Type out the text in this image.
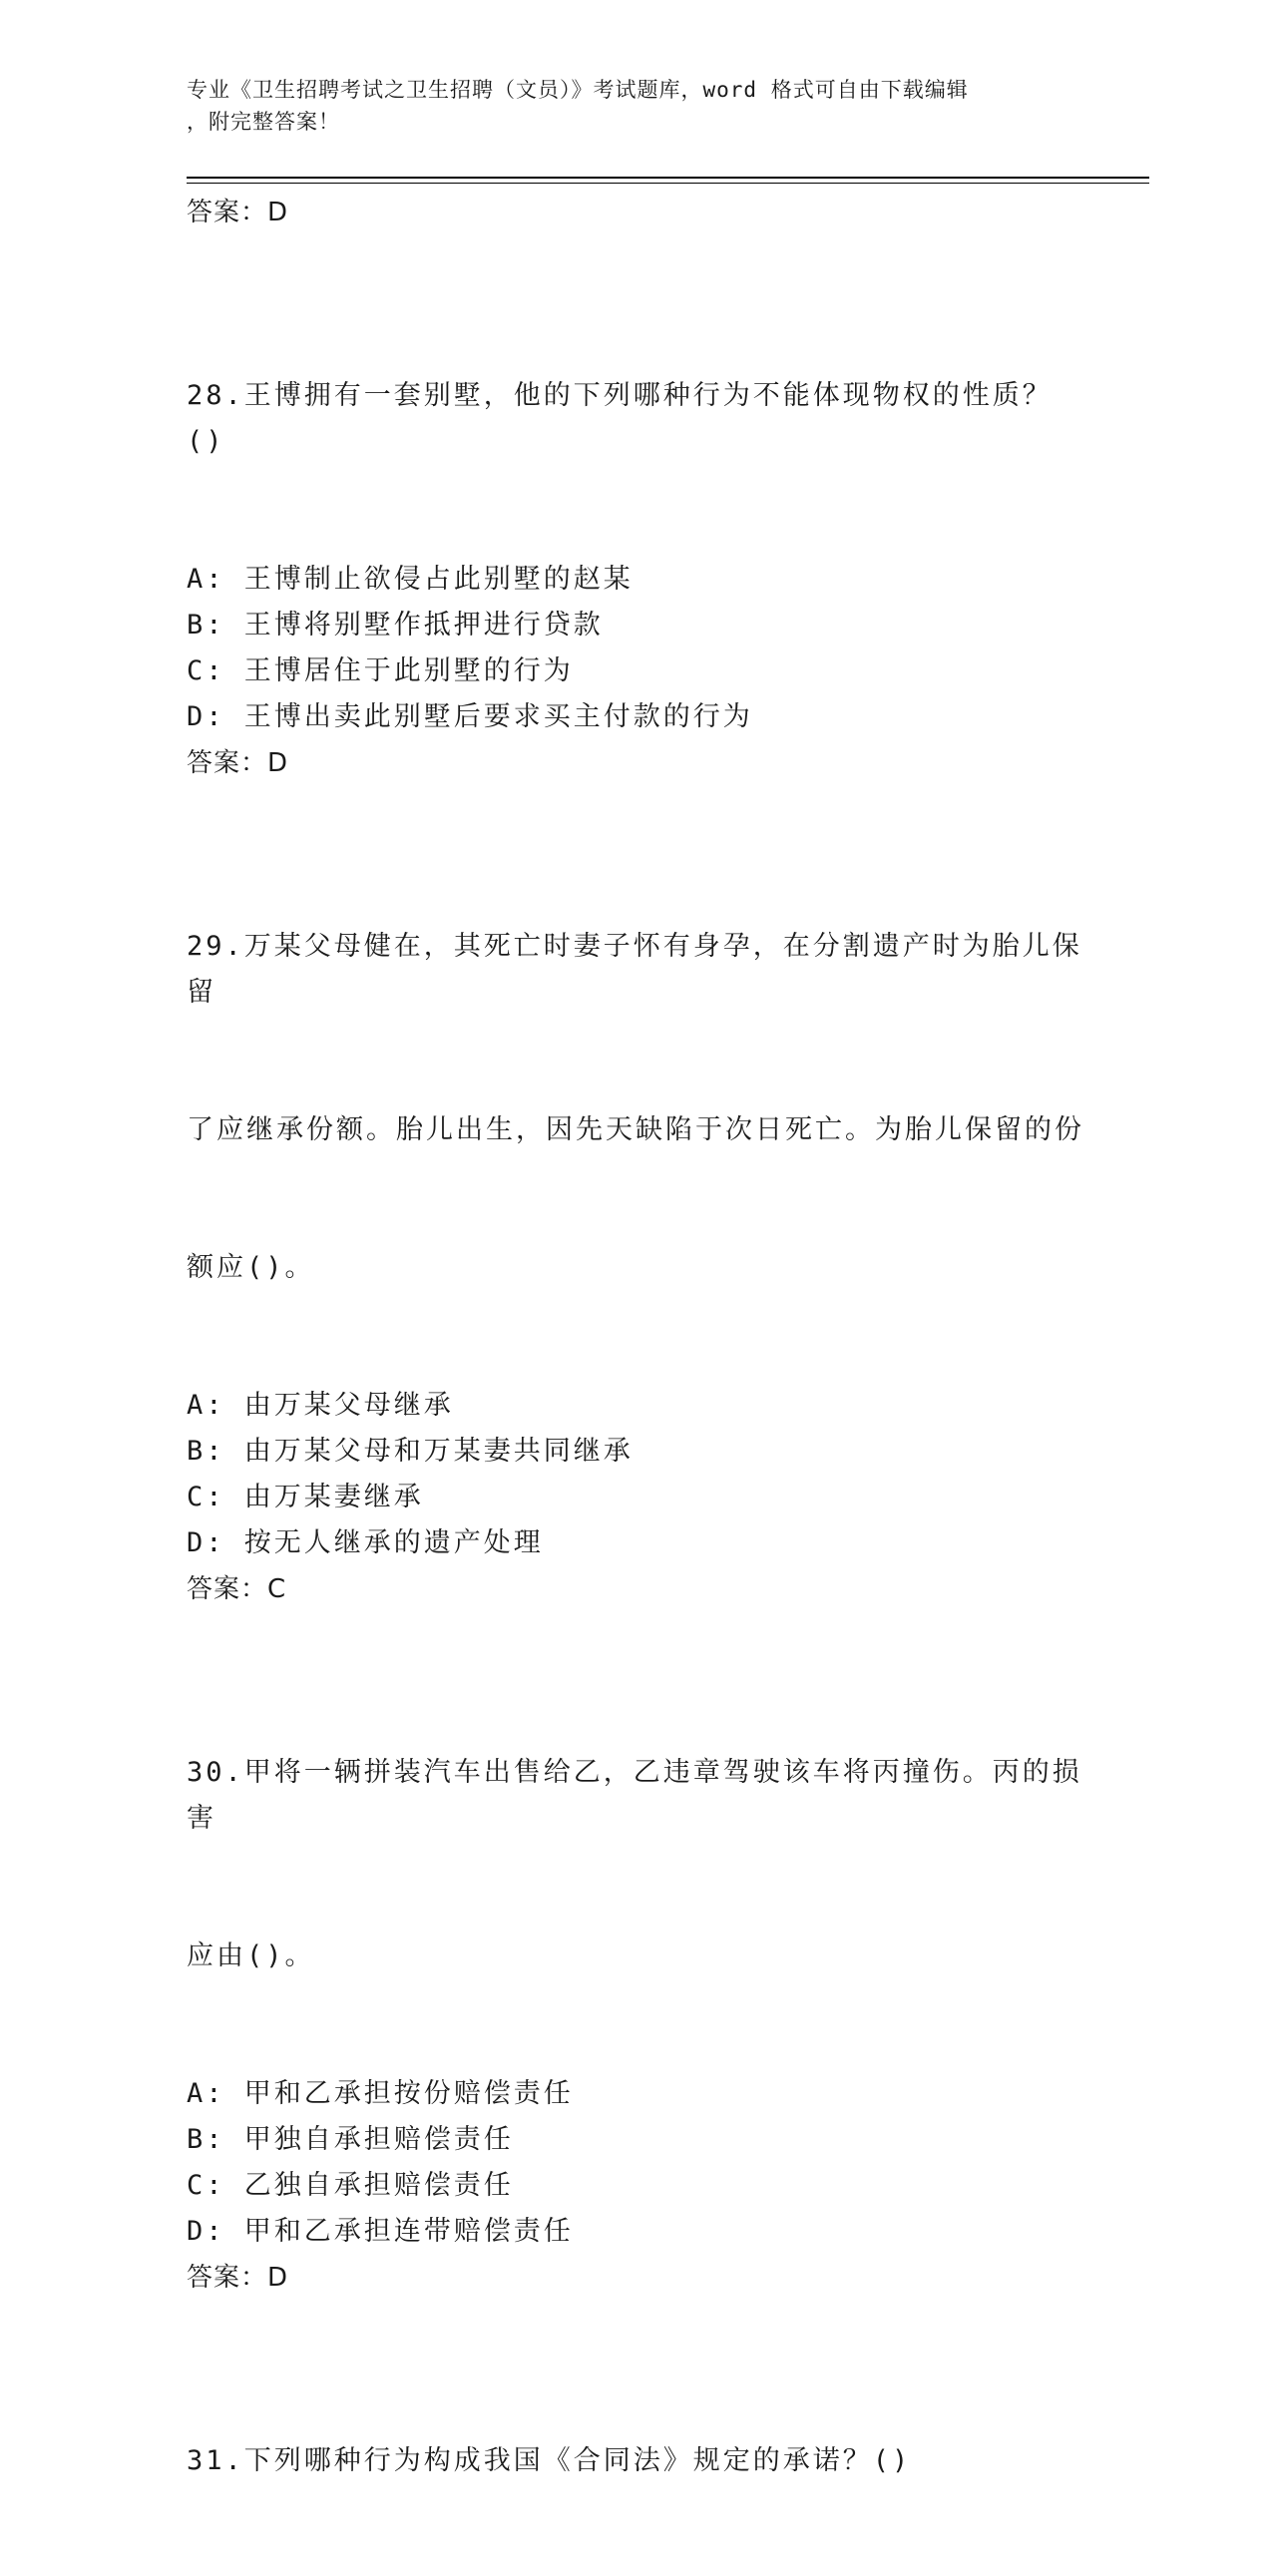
专业《卫生招聘考试之卫生招聘（文员）》考试题库，word 格式可自由下载编辑
，附完整答案！
答案：D

28.王博拥有一套别墅，他的下列哪种行为不能体现物权的性质？()

A: 王博制止欲侵占此别墅的赵某
B: 王博将别墅作抵押进行贷款
C: 王博居住于此别墅的行为
D: 王博出卖此别墅后要求买主付款的行为
答案：D

29.万某父母健在，其死亡时妻子怀有身孕，在分割遗产时为胎儿保留

了应继承份额。胎儿出生，因先天缺陷于次日死亡。为胎儿保留的份

额应()。

A: 由万某父母继承
B: 由万某父母和万某妻共同继承
C: 由万某妻继承
D: 按无人继承的遗产处理
答案：C

30.甲将一辆拼装汽车出售给乙，乙违章驾驶该车将丙撞伤。丙的损害

应由()。

A: 甲和乙承担按份赔偿责任
B: 甲独自承担赔偿责任
C: 乙独自承担赔偿责任
D: 甲和乙承担连带赔偿责任
答案：D

31.下列哪种行为构成我国《合同法》规定的承诺？()
